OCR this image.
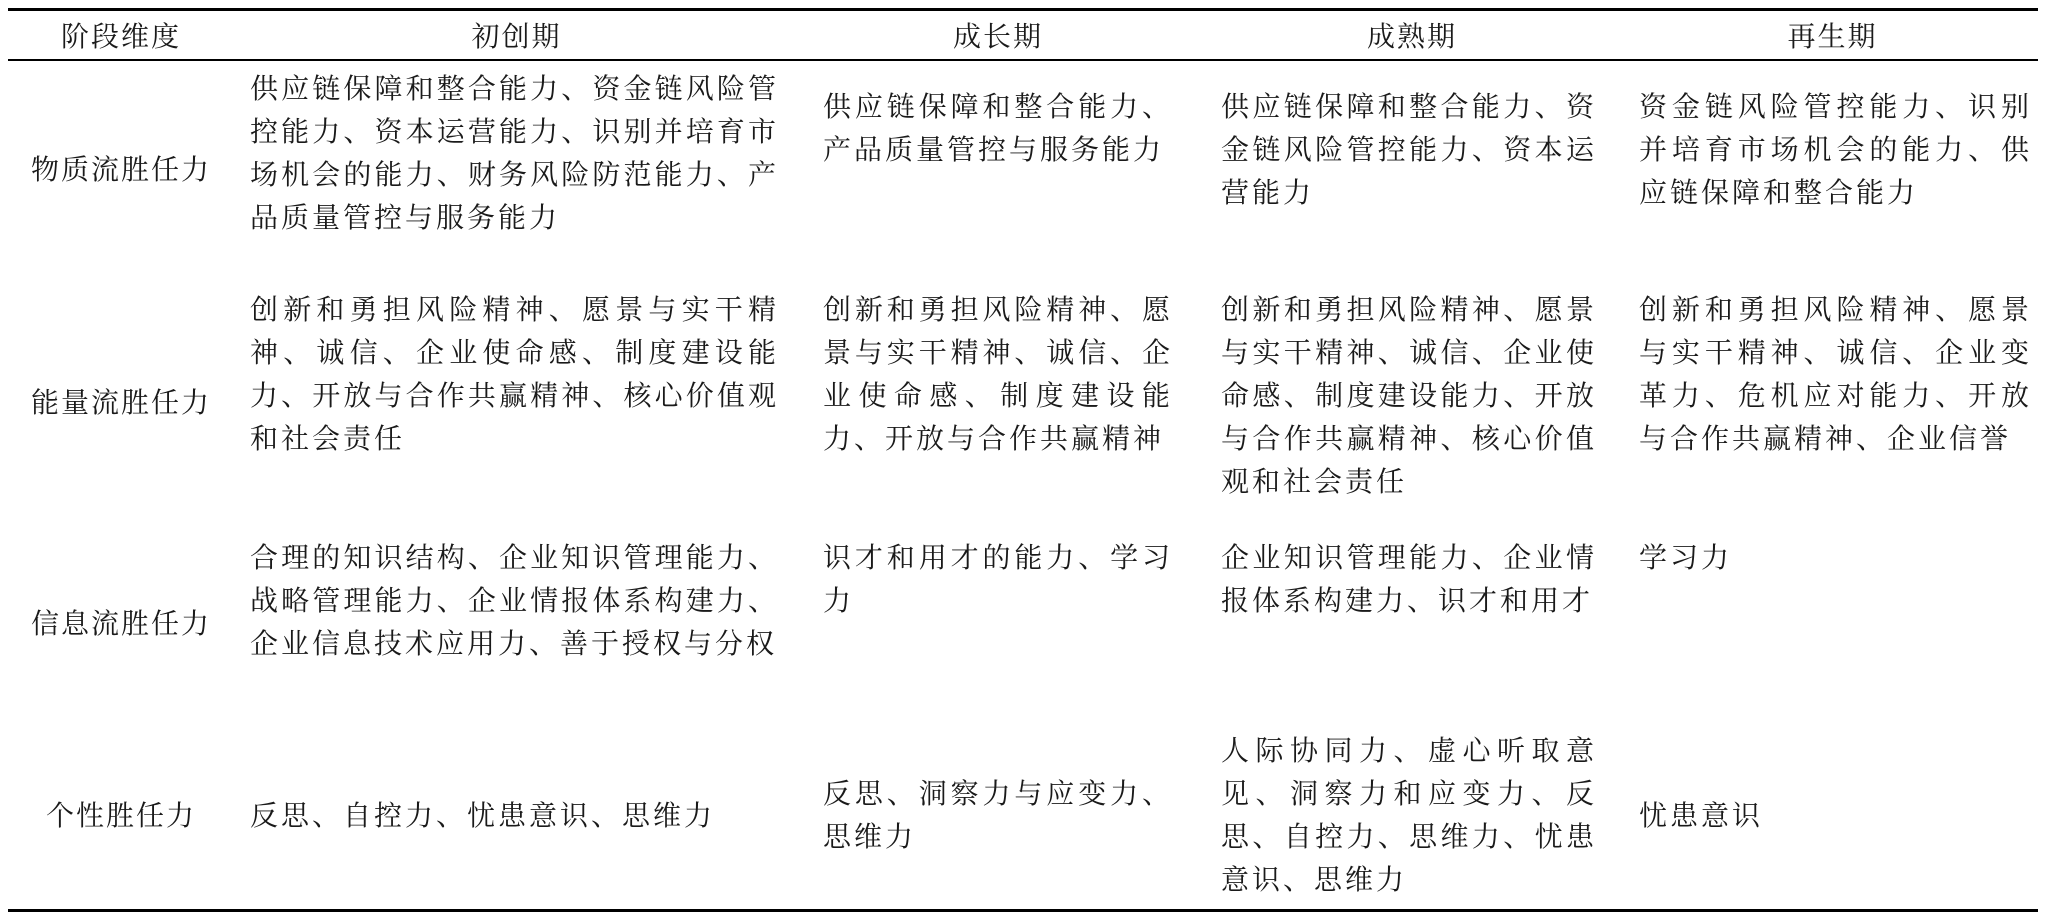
阶段维度	初创期	成长期	成熟期	再生期
物质流胜任力	供应链保障和整合能力、资金链风险管控能力、资本运营能力、识别并培育市场机会的能力、财务风险防范能力、产品质量管控与服务能力	供应链保障和整合能力、产品质量管控与服务能力	供应链保障和整合能力、资金链风险管控能力、资本运营能力	资金链风险管控能力、识别并培育市场机会的能力、供应链保障和整合能力
能量流胜任力	创新和勇担风险精神、愿景与实干精神、诚信、企业使命感、制度建设能力、开放与合作共赢精神、核心价值观和社会责任	创新和勇担风险精神、愿景与实干精神、诚信、企业使命感、制度建设能力、开放与合作共赢精神	创新和勇担风险精神、愿景与实干精神、诚信、企业使命感、制度建设能力、开放与合作共赢精神、核心价值观和社会责任	创新和勇担风险精神、愿景与实干精神、诚信、企业变革力、危机应对能力、开放与合作共赢精神、企业信誉
信息流胜任力	合理的知识结构、企业知识管理能力、战略管理能力、企业情报体系构建力、企业信息技术应用力、善于授权与分权	识才和用才的能力、学习力	企业知识管理能力、企业情报体系构建力、识才和用才	学习力
个性胜任力	反思、自控力、忧患意识、思维力	反思、洞察力与应变力、思维力	人际协同力、虚心听取意见、洞察力和应变力、反思、自控力、思维力、忧患意识、思维力	忧患意识
